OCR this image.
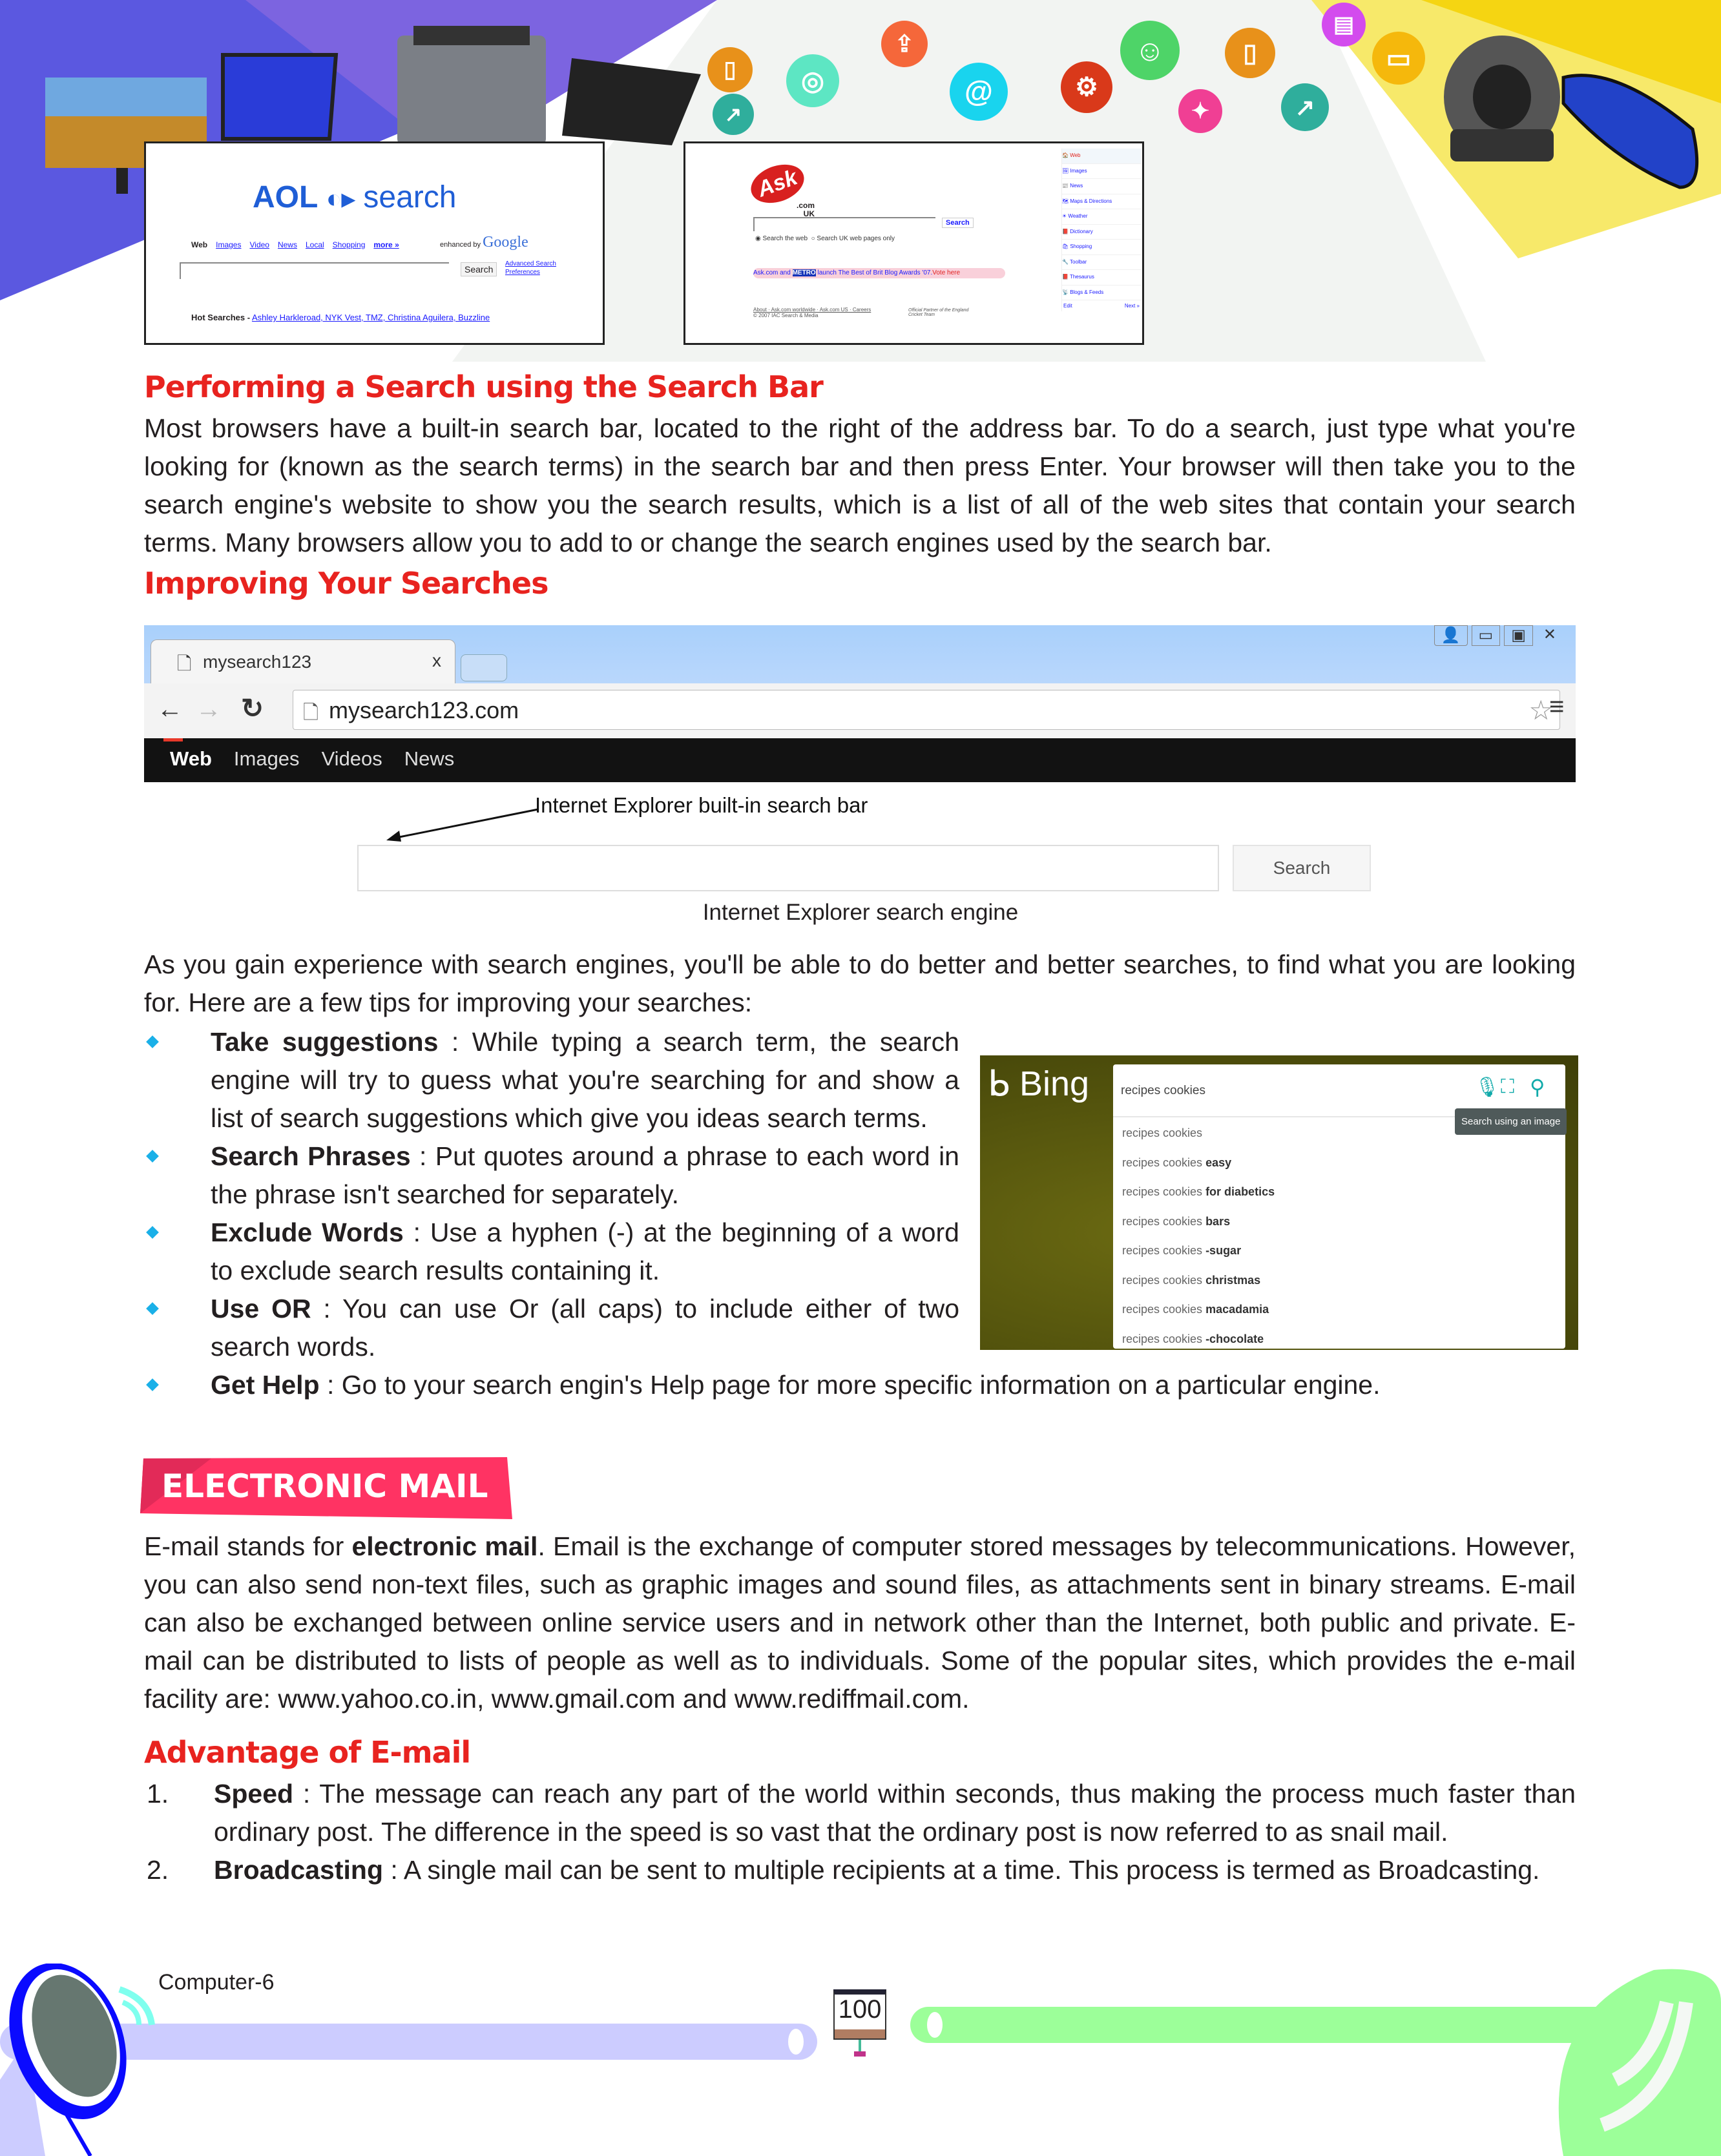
▯	◎
⇪
@	⚙
☺	▯
▤
▭
↗	✦	↗
AOL ◐▸ search
Web Images Video News Local Shopping more »	enhanced by Google
Search
Advanced Search
Preferences
Hot Searches - Ashley Harkleroad, NYK Vest, TMZ, Christina Aguilera, Buzzline
Ask
.com
UK
Search
◉ Search the web ○ Search UK web pages only
Ask.com and METRO launch The Best of Brit Blog Awards '07.Vote here
About · Ask.com worldwide · Ask.com US · Careers
© 2007 IAC Search & Media
Official Partner of the England Cricket Team
🏠 Web
🖼 Images
📰 News
🗺 Maps & Directions
☀ Weather
📕 Dictionary
🛍 Shopping
🔧 Toolbar
📕 Thesaurus
📡 Blogs & Feeds
Edit	Next »
Performing a Search using the Search Bar
Most browsers have a built-in search bar, located to the right of the address bar. To do a search, just type what you're looking for (known as the search terms) in the search bar and then press Enter. Your browser will then take you to the search engine's website to show you the search results, which is a list of all of the web sites that contain your search terms. Many browsers allow you to add to or change the search engines used by the search bar.
Improving Your Searches
👤	▭	▣	✕
🗋 mysearch123	x
← → ↻ 🗋 mysearch123.com	☆
≡
Web Images Videos News
Internet Explorer built-in search bar
Search
Internet Explorer search engine
As you gain experience with search engines, you'll be able to do better and better searches, to find what you are looking for. Here are a few tips for improving your searches:
Take suggestions : While typing a search term, the search engine will try to guess what you're searching for and show a list of search suggestions which give you ideas search terms.
Search Phrases : Put quotes around a phrase to each word in the phrase isn't searched for separately.
Exclude Words : Use a hyphen (-) at the beginning of a word to exclude search results containing it.
Use OR : You can use Or (all caps) to include either of two search words.
Get Help : Go to your search engin's Help page for more specific information on a particular engine.
ᖯ Bing	recipes cookies	🎙 ⛶ ⚲
recipes cookies
recipes cookies easy
recipes cookies for diabetics
recipes cookies bars
recipes cookies -sugar
recipes cookies christmas
recipes cookies macadamia
recipes cookies -chocolate
Search using an image
ELECTRONIC MAIL
E-mail stands for electronic mail. Email is the exchange of computer stored messages by telecommunications. However, you can also send non-text files, such as graphic images and sound files, as attachments sent in binary streams. E-mail can also be exchanged between online service users and in network other than the Internet, both public and private. E-mail can be distributed to lists of people as well as to individuals. Some of the popular sites, which provides the e-mail facility are: www.yahoo.co.in, www.gmail.com and www.rediffmail.com.
Advantage of E-mail
1. Speed : The message can reach any part of the world within seconds, thus making the process much faster than ordinary post. The difference in the speed is so vast that the ordinary post is now referred to as snail mail.
2. Broadcasting : A single mail can be sent to multiple recipients at a time. This process is termed as Broadcasting.
Computer-6
100
